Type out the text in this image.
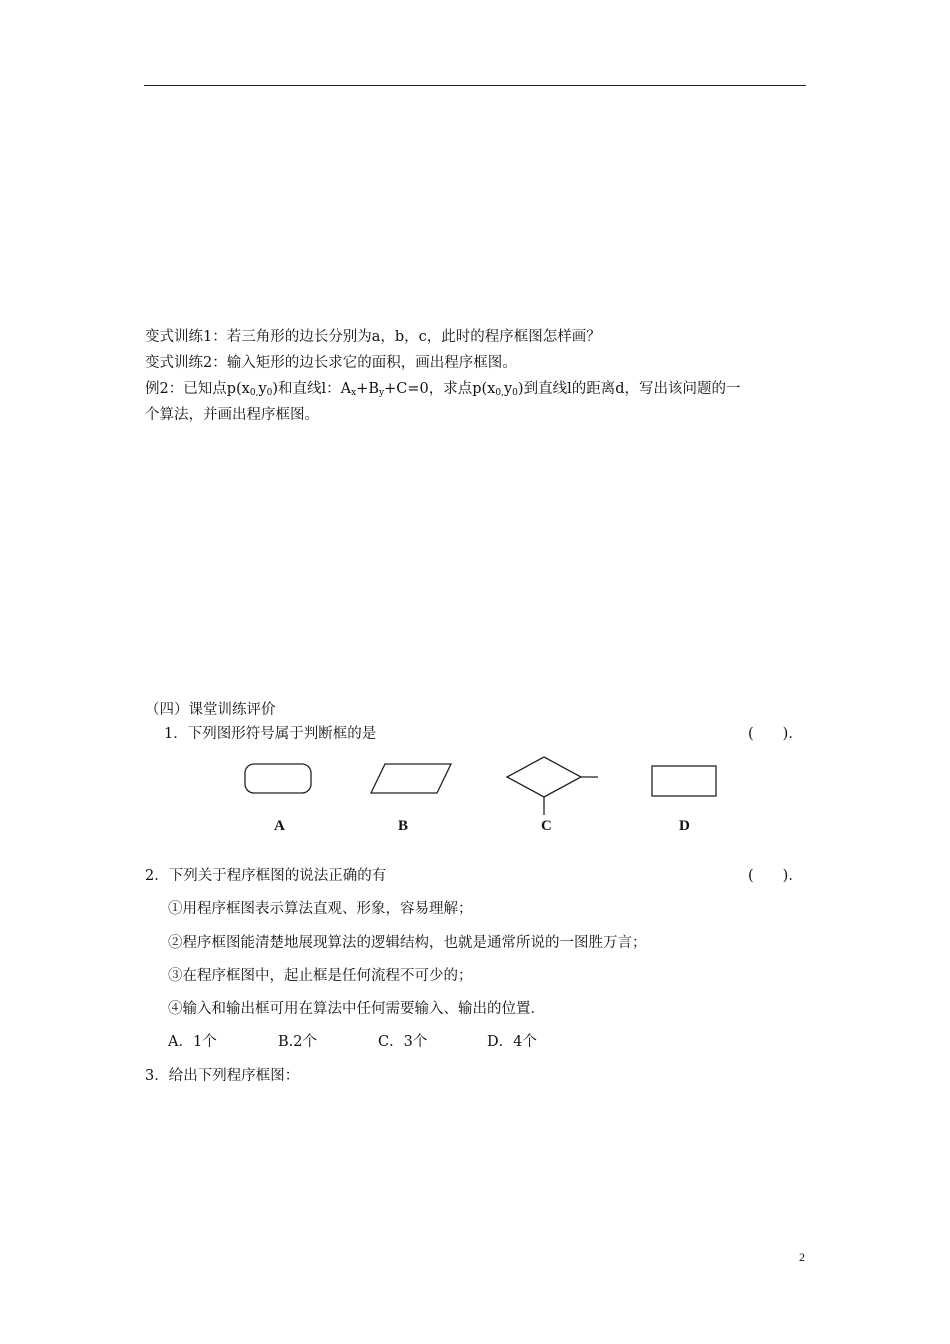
变式训练1：若三角形的边长分别为a，b，c，此时的程序框图怎样画？
变式训练2：输入矩形的边长求它的面积，画出程序框图。
例2：已知点$p(x_{0,}y_0)$和直线l：$A_x+B_y+C=0$，求点$p(x_{0,}y_0)$到直线l的距离d，写出该问题的一
个算法，并画出程序框图。
（四）课堂训练评价
1．下列图形符号属于判断框的是	(　　)．
A	B	C	D
2．下列关于程序框图的说法正确的有	(　　)．
①用程序框图表示算法直观、形象，容易理解；
②程序框图能清楚地展现算法的逻辑结构，也就是通常所说的一图胜万言；
③在程序框图中，起止框是任何流程不可少的；
④输入和输出框可用在算法中任何需要输入、输出的位置．
A．1个	B.2个	C．3个	D．4个
3．给出下列程序框图：
2
